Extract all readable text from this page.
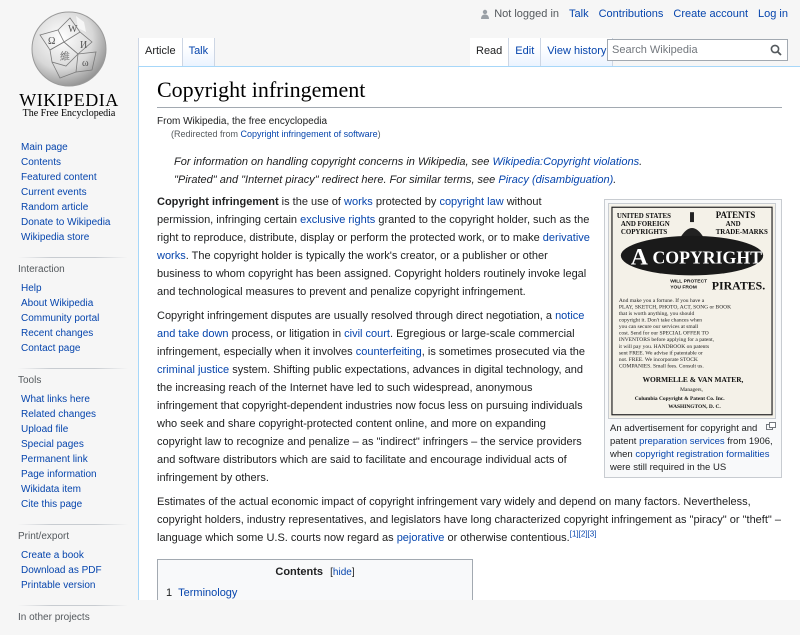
Ω
W
И
維
ω
WIKIPEDIA
The Free Encyclopedia
Not logged in Talk Contributions Create account Log in
Article	Talk	Read	Edit	View history Search Wikipedia
Main page
Contents
Featured content
Current events
Random article
Donate to Wikipedia
Wikipedia store
Interaction
Help
About Wikipedia
Community portal
Recent changes
Contact page
Tools
What links here
Related changes
Upload file
Special pages
Permanent link
Page information
Wikidata item
Cite this page
Print/export
Create a book
Download as PDF
Printable version
In other projects
Copyright infringement
From Wikipedia, the free encyclopedia
(Redirected from Copyright infringement of software)
For information on handling copyright concerns in Wikipedia, see Wikipedia:Copyright violations.
"Pirated" and "Internet piracy" redirect here. For similar terms, see Piracy (disambiguation).
UNITED STATES
AND FOREIGN
COPYRIGHTS
PATENTS
AND
TRADE-MARKS
A COPYRIGHT
WILL PROTECT
YOU FROM PIRATES.
And make you a fortune. If you have a
PLAY, SKETCH, PHOTO, ACT, SONG or BOOK
that is worth anything, you should
copyright it. Don't take chances when
you can secure our services at small
cost. Send for our SPECIAL OFFER TO
INVENTORS before applying for a patent,
it will pay you. HANDBOOK on patents
sent FREE. We advise if patentable or
not. FREE. We incorporate STOCK
COMPANIES. Small fees. Consult us.
WORMELLE & VAN MATER,
Managers,
Columbia Copyright & Patent Co. Inc.
WASHINGTON, D. C.
An advertisement for copyright and patent preparation services from 1906, when copyright registration formalities were still required in the US

Copyright infringement is the use of works protected by copyright law without permission, infringing certain exclusive rights granted to the copyright holder, such as the right to reproduce, distribute, display or perform the protected work, or to make derivative works. The copyright holder is typically the work's creator, or a publisher or other business to whom copyright has been assigned. Copyright holders routinely invoke legal and technological measures to prevent and penalize copyright infringement.

Copyright infringement disputes are usually resolved through direct negotiation, a notice and take down process, or litigation in civil court. Egregious or large-scale commercial infringement, especially when it involves counterfeiting, is sometimes prosecuted via the criminal justice system. Shifting public expectations, advances in digital technology, and the increasing reach of the Internet have led to such widespread, anonymous infringement that copyright-dependent industries now focus less on pursuing individuals who seek and share copyright-protected content online, and more on expanding copyright law to recognize and penalize – as "indirect" infringers – the service providers and software distributors which are said to facilitate and encourage individual acts of infringement by others.

Estimates of the actual economic impact of copyright infringement vary widely and depend on many factors. Nevertheless, copyright holders, industry representatives, and legislators have long characterized copyright infringement as "piracy" or "theft" – language which some U.S. courts now regard as pejorative or otherwise contentious.[1][2][3]

Contents [hide]
1 Terminology
